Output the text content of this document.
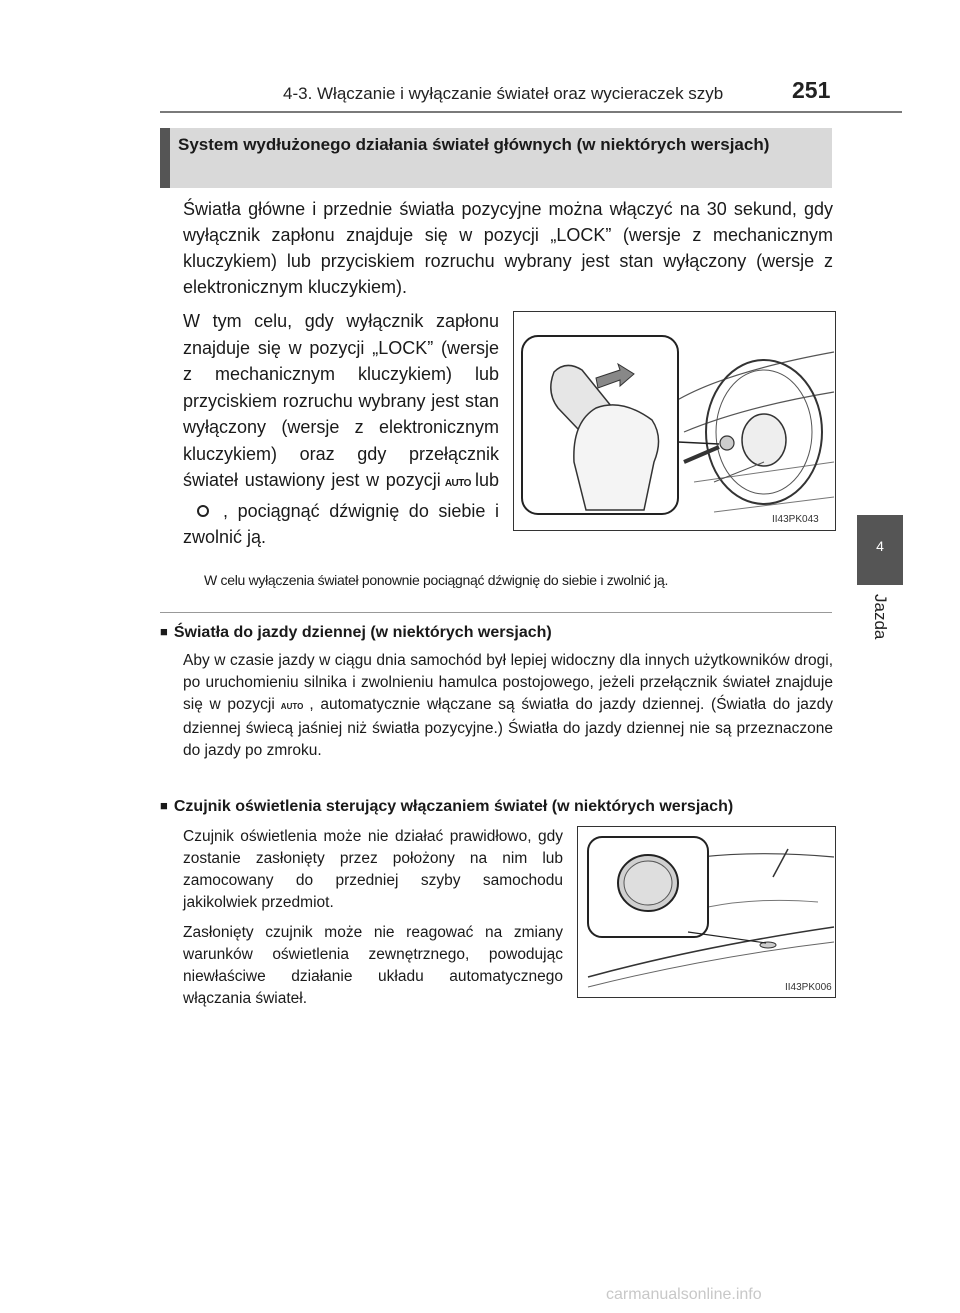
4-3. Włączanie i wyłączanie świateł oraz wycieraczek szyb	251
4
Jazda
System wydłużonego działania świateł głównych (w niektórych wersjach)
Światła główne i przednie światła pozycyjne można włączyć na 30 sekund, gdy wyłącznik zapłonu znajduje się w pozycji „LOCK” (wersje z mechanicznym kluczykiem) lub przyciskiem rozruchu wybrany jest stan wyłączony (wersje z elektronicznym kluczykiem).
W tym celu, gdy wyłącznik zapłonu znajduje się w pozycji „LOCK” (wersje z mechanicznym kluczykiem) lub przyciskiem rozruchu wybrany jest stan wyłączony (wersje z elektronicznym kluczykiem) oraz gdy przełącznik świateł ustawiony jest w pozycji AUTO lub, pociągnąć dźwignię do siebie i zwolnić ją.
II43PK043
W celu wyłączenia świateł ponownie pociągnąć dźwignię do siebie i zwolnić ją.
■ Światła do jazdy dziennej (w niektórych wersjach)
Aby w czasie jazdy w ciągu dnia samochód był lepiej widoczny dla innych użytkowników drogi, po uruchomieniu silnika i zwolnieniu hamulca postojowego, jeżeli przełącznik świateł znajduje się w pozycji AUTO , automatycznie włączane są światła do jazdy dziennej. (Światła do jazdy dziennej świecą jaśniej niż światła pozycyjne.) Światła do jazdy dziennej nie są przeznaczone do jazdy po zmroku.
■ Czujnik oświetlenia sterujący włączaniem świateł (w niektórych wersjach)
Czujnik oświetlenia może nie działać prawidłowo, gdy zostanie zasłonięty przez położony na nim lub zamocowany do przedniej szyby samochodu jakikolwiek przedmiot.
Zasłonięty czujnik może nie reagować na zmiany warunków oświetlenia zewnętrznego, powodując niewłaściwe działanie układu automatycznego włączania świateł.
II43PK006
carmanualsonline.info
